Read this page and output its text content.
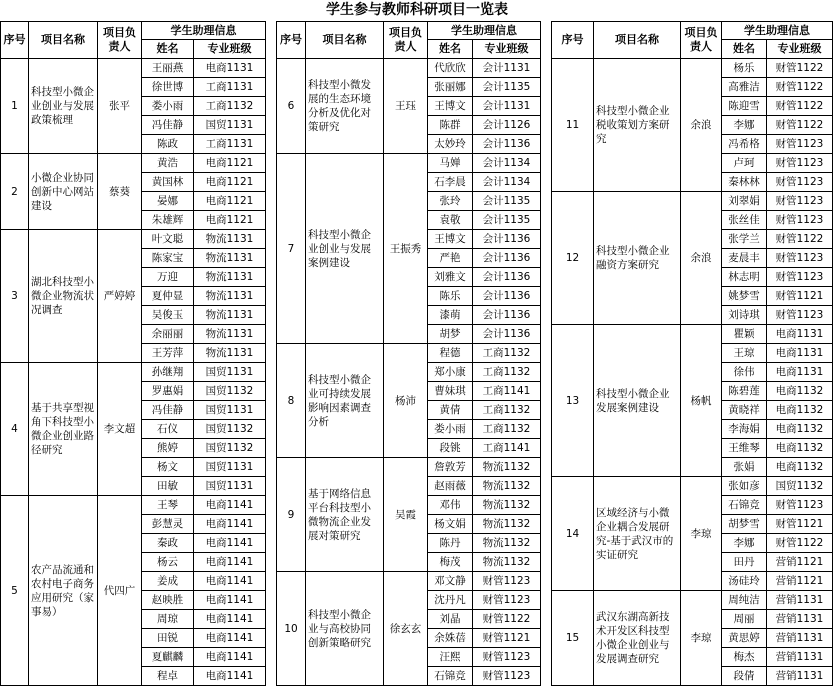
学生参与教师科研项目一览表
序号	项目名称	项目负责人	学生助理信息	
			姓名	专业班级
1	科技型小微企业创业与发展政策梳理	张平	王丽燕	电商1131
			徐世博	工商1131
			娄小雨	工商1132
			冯佳静	国贸1131
			陈政	工商1131
2	小微企业协同创新中心网站建设	蔡葵	黄浩	电商1121
			黄国林	电商1121
			晏娜	电商1121
			朱雄辉	电商1121
3	湖北科技型小微企业物流状况调查	严婷婷	叶文聪	物流1131
			陈家宝	物流1131
			万迎	物流1131
			夏仲显	物流1131
			吴俊玉	物流1131
			余丽丽	物流1131
			王芳萍	物流1131
4	基于共享型视角下科技型小微企业创业路径研究	李文超	孙继翔	国贸1131
			罗惠娟	国贸1132
			冯佳静	国贸1131
			石仪	国贸1132
			熊婷	国贸1132
			杨文	国贸1131
			田敏	国贸1131
5	农产品流通和农村电子商务应用研究（家事易）	代四广	王琴	电商1141
			彭慧灵	电商1141
			秦政	电商1141
			杨云	电商1141
			姜成	电商1141
			赵映胜	电商1141
			周琼	电商1141
			田锐	电商1141
			夏麒麟	电商1141
			程卓	电商1141
序号	项目名称	项目负责人	学生助理信息	
			姓名	专业班级
6	科技型小微发展的生态环境分析及优化对策研究	王珏	代欣欣	会计1131
			张丽娜	会计1135
			王博文	会计1131
			陈群	会计1126
			太妙玲	会计1136
7	科技型小微企业创业与发展案例建设	王振秀	马婵	会计1134
			石李晨	会计1134
			张玲	会计1135
			袁敬	会计1135
			王博文	会计1136
			严艳	会计1136
			刘雅文	会计1136
			陈乐	会计1136
			漆萌	会计1136
			胡梦	会计1136
8	科技型小微企业可持续发展影响因素调查分析	杨沛	程德	工商1132
			郑小康	工商1132
			曹妹琪	工商1141
			黄倩	工商1132
			娄小雨	工商1132
			段铫	工商1141
9	基于网络信息平台科技型小微物流企业发展对策研究	吴霞	詹敦芳	物流1132
			赵雨薇	物流1132
			邓伟	物流1132
			杨文娟	物流1132
			陈丹	物流1132
			梅茂	物流1132
10	科技型小微企业与高校协同创新策略研究	徐玄玄	邓文静	财管1123
			沈丹凡	财管1123
			刘晶	财管1122
			余姝蓓	财管1121
			汪熙	财管1123
			石锦竞	财管1123
序号	项目名称	项目负责人	学生助理信息	
			姓名	专业班级
11	科技型小微企业税收策划方案研究	余浪	杨乐	财管1122
			高雅洁	财管1122
			陈迎雪	财管1122
			李娜	财管1122
			冯希格	财管1123
			卢珂	财管1123
			秦林林	财管1123
12	科技型小微企业融资方案研究	余浪	刘翠娟	财管1123
			张丝佳	财管1123
			张学兰	财管1122
			麦晨丰	财管1123
			林志明	财管1123
			姚梦雪	财管1121
			刘诗琪	财管1123
13	科技型小微企业发展案例建设	杨帆	瞿颖	电商1131
			王琼	电商1131
			徐伟	电商1131
			陈碧莲	电商1132
			黄晓祥	电商1132
			李海娟	电商1132
			王维琴	电商1132
			张娟	电商1132
14	区域经济与小微企业耦合发展研究-基于武汉市的实证研究	李琼	张如彦	国贸1132
			石锦竞	财管1123
			胡梦雪	财管1121
			李娜	财管1122
			田丹	营销1121
			汤硅玲	营销1121
15	武汉东湖高新技术开发区科技型小微企业创业与发展调查研究	李琼	周纯洁	营销1131
			周丽	营销1131
			黄思婷	营销1131
			梅杰	营销1131
			段倩	营销1131
